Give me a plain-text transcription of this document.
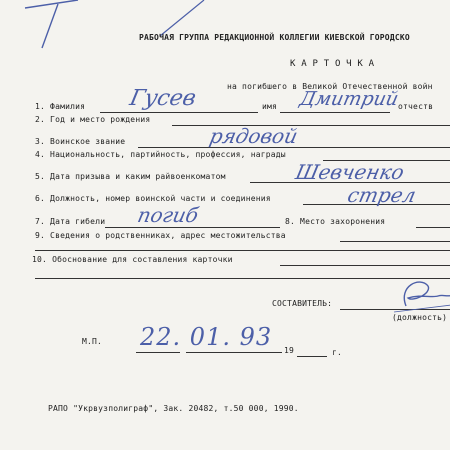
РАБОЧАЯ ГРУППА РЕДАКЦИОННОЙ КОЛЛЕГИИ КИЕВСКОЙ ГОРОДСКО
К А Р Т О Ч К А
на погибшего в Великой Отечественной войн
1. Фамилия Гусев	имя Дмитрий
отчеств
2. Год и место рождения
3. Воинское звание	рядовой
4. Национальность, партийность, профессия, награды
5. Дата призыва и каким райвоенкоматом	Шевченко
6. Должность, номер воинской части и соединения	стрел
7. Дата гибели погиб	8. Место захоронения
9. Сведения о родственниках, адрес местожительства
10. Обоснование для составления карточки
СОСТАВИТЕЛЬ:
(должность)
М.П. 22. 01. 93 19	г.
РАПО "Укрвузполиграф", Зак. 20482, т.50 000, 1990.
